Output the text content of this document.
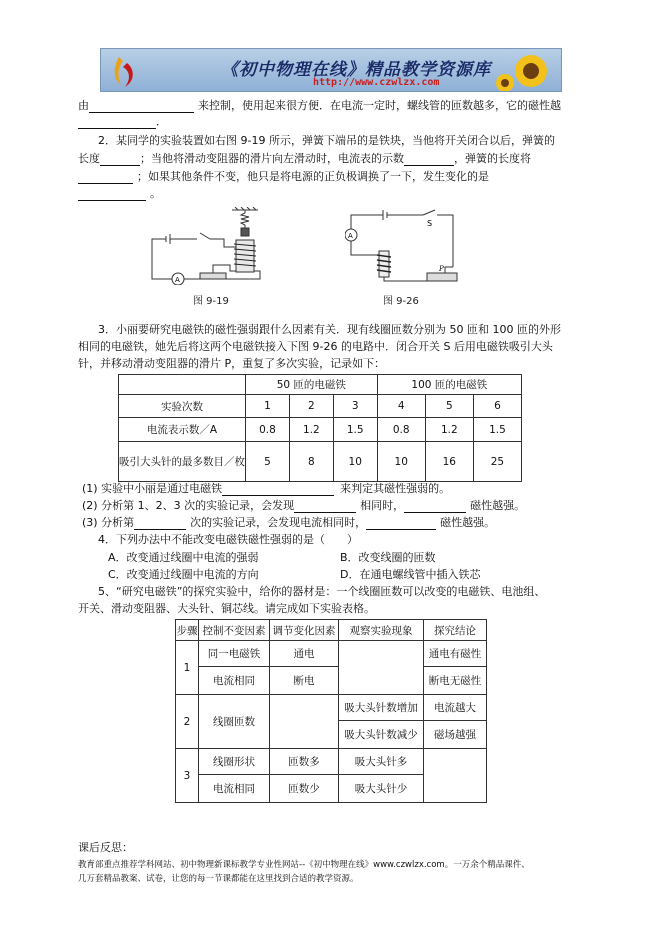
《初中物理在线》精品教学资源库
http://www.czwlzx.com
由	来控制，使用起来很方便．在电流一定时，螺线管的匝数越多，它的磁性越
．
2．某同学的实验装置如右图 9-19 所示，弹簧下端吊的是铁块，当他将开关闭合以后，弹簧的
长度	；当他将滑动变阻器的滑片向左滑动时，电流表的示数	，弹簧的长度将
；如果其他条件不变，他只是将电源的正负极调换了一下，发生变化的是
。
A
图 9-19
A
S
P
图 9-26
3．小丽要研究电磁铁的磁性强弱跟什么因素有关．现有线圈匝数分别为 50 匝和 100 匝的外形
相同的电磁铁，她先后将这两个电磁铁接入下图 9-26 的电路中．闭合开关 S 后用电磁铁吸引大头
针，并移动滑动变阻器的滑片 P，重复了多次实验，记录如下：
	50 匝的电磁铁			100 匝的电磁铁		
实验次数	1	2	3	4	5	6
电流表示数／A	0.8	1.2	1.5	0.8	1.2	1.5
吸引大头针的最多数目／枚	5	8	10	10	16	25
(1) 实验中小丽是通过电磁铁	来判定其磁性强弱的。
(2) 分析第 1、2、3 次的实验记录，会发现	相同时，	磁性越强。
(3) 分析第	次的实验记录，会发现电流相同时，	磁性越强。
4．下列办法中不能改变电磁铁磁性强弱的是（　　）
A．改变通过线圈中电流的强弱	B．改变线圈的匝数
C．改变通过线圈中电流的方向	D．在通电螺线管中插入铁芯
5、“研究电磁铁”的探究实验中，给你的器材是：一个线圈匝数可以改变的电磁铁、电池组、
开关、滑动变阻器、大头针、铜芯线。请完成如下实验表格。
步骤	控制不变因素	调节变化因素	观察实验现象	探究结论
1	同一电磁铁	通电		通电有磁性
	电流相同	断电		断电无磁性
2	线圈匝数		吸大头针数增加	电流越大
			吸大头针数减少	磁场越强
3	线圈形状	匝数多	吸大头针多	
	电流相同	匝数少	吸大头针少	
课后反思：
教育部重点推荐学科网站、初中物理新课标教学专业性网站--《初中物理在线》www.czwlzx.com。一万余个精品课件、
几万套精品教案、试卷，让您的每一节课都能在这里找到合适的教学资源。
